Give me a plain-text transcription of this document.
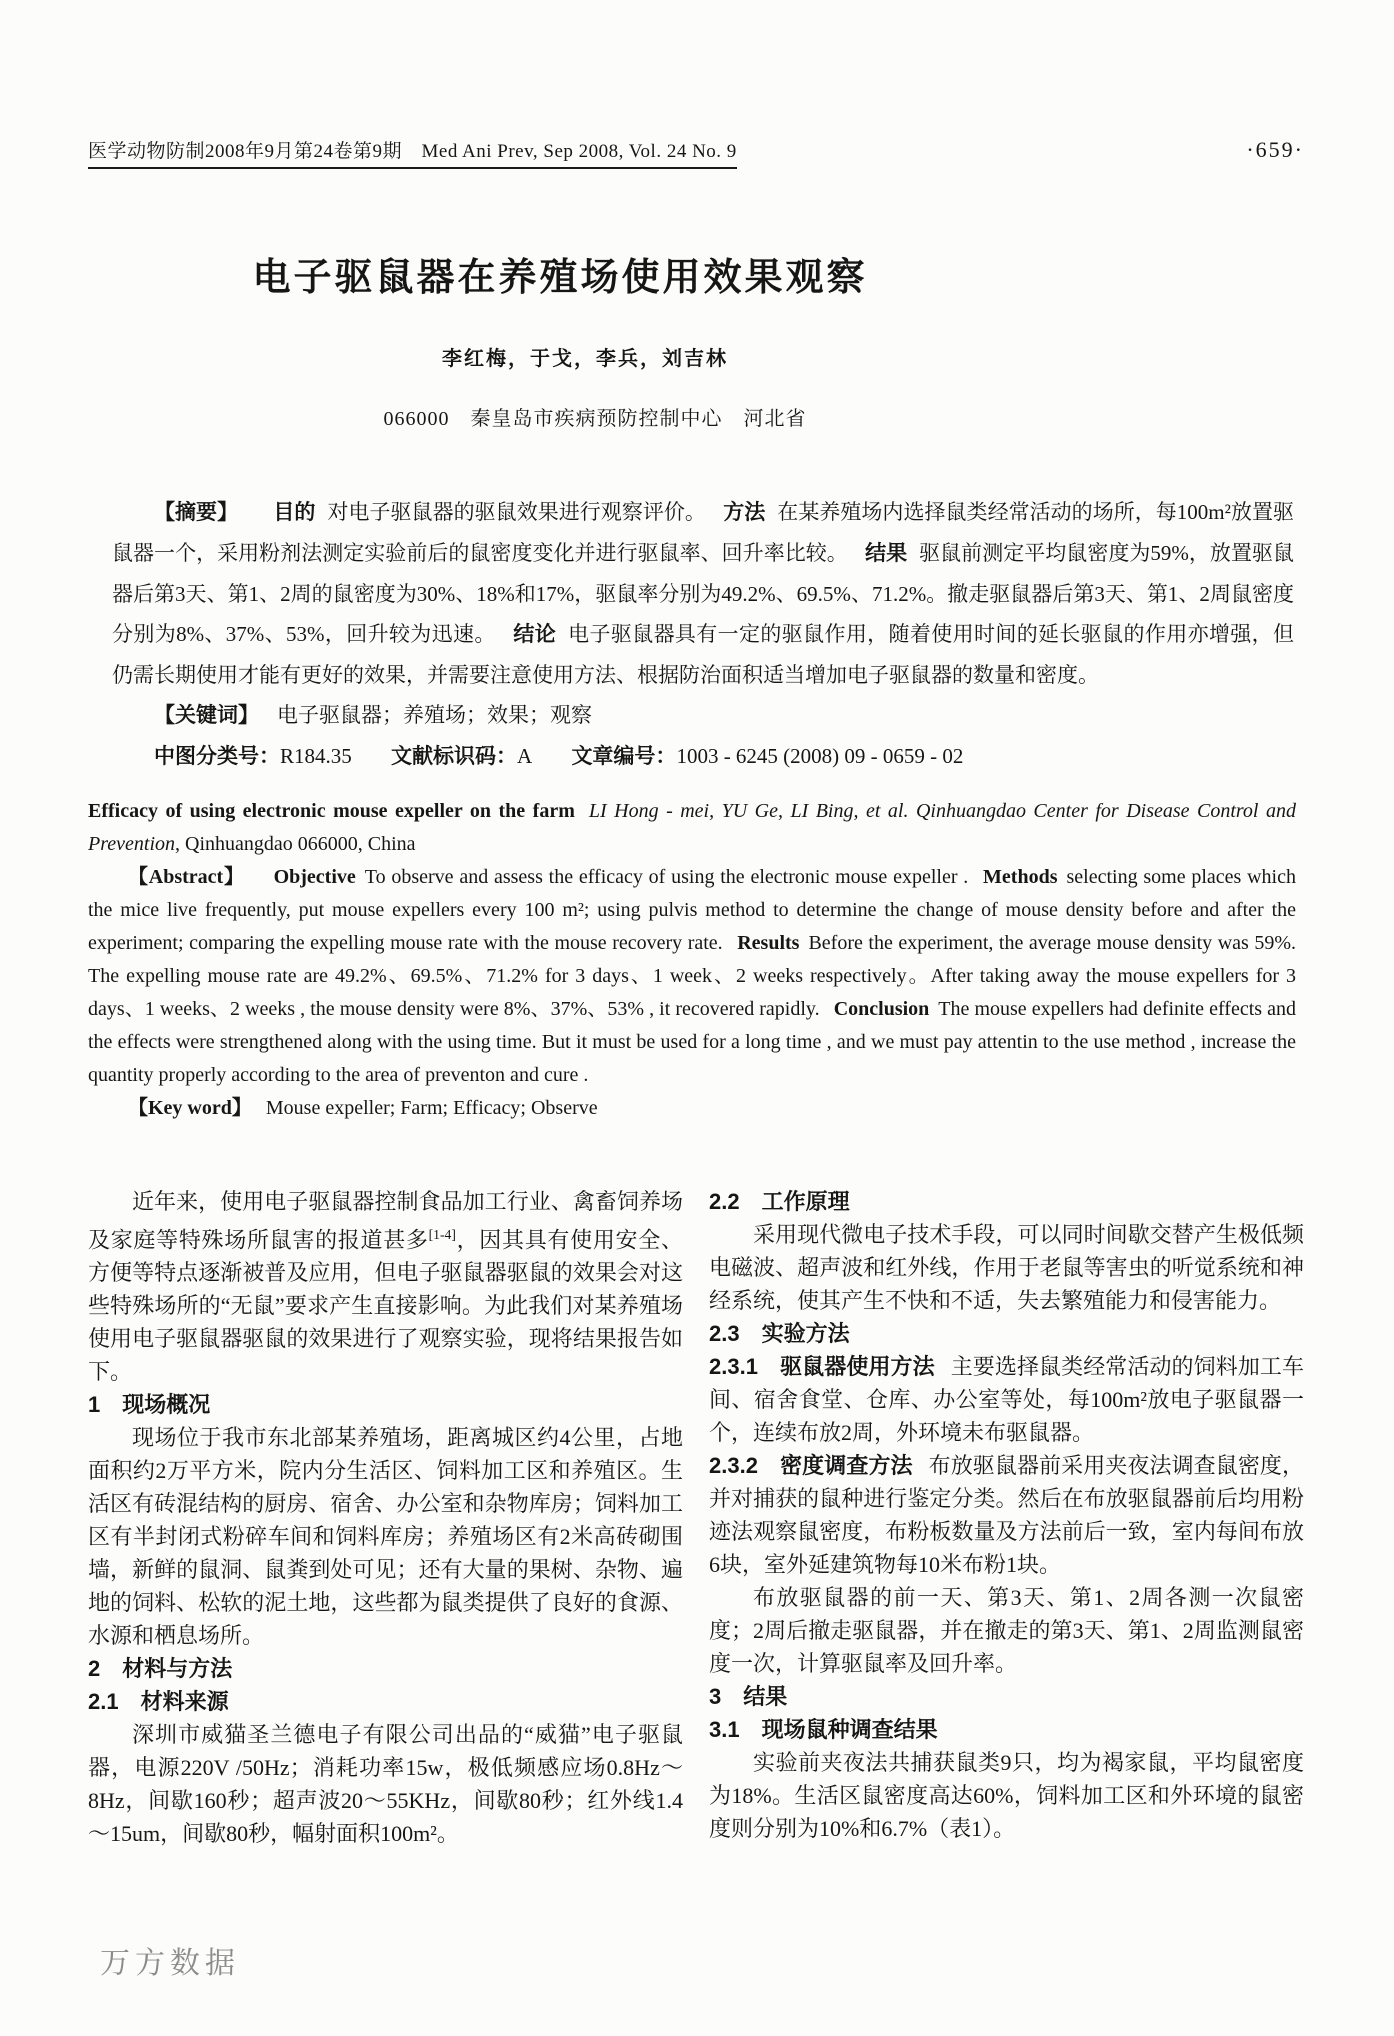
医学动物防制2008年9月第24卷第9期　Med Ani Prev, Sep 2008, Vol. 24 No. 9	·659·
电子驱鼠器在养殖场使用效果观察
李红梅，于戈，李兵，刘吉林
066000　秦皇岛市疾病预防控制中心　河北省

【摘要】 目的 对电子驱鼠器的驱鼠效果进行观察评价。 方法 在某养殖场内选择鼠类经常活动的场所，每100m²放置驱鼠器一个，采用粉剂法测定实验前后的鼠密度变化并进行驱鼠率、回升率比较。 结果 驱鼠前测定平均鼠密度为59%，放置驱鼠器后第3天、第1、2周的鼠密度为30%、18%和17%，驱鼠率分别为49.2%、69.5%、71.2%。撤走驱鼠器后第3天、第1、2周鼠密度分别为8%、37%、53%，回升较为迅速。 结论 电子驱鼠器具有一定的驱鼠作用，随着使用时间的延长驱鼠的作用亦增强，但仍需长期使用才能有更好的效果，并需要注意使用方法、根据防治面积适当增加电子驱鼠器的数量和密度。

【关键词】 电子驱鼠器；养殖场；效果；观察

中图分类号：R184.35 文献标识码：A 文章编号：1003 - 6245 (2008) 09 - 0659 - 02

Efficacy of using electronic mouse expeller on the farm LI Hong - mei, YU Ge, LI Bing, et al. Qinhuangdao Center for Disease Control and Prevention, Qinhuangdao 066000, China

【Abstract】 Objective To observe and assess the efficacy of using the electronic mouse expeller . Methods selecting some places which the mice live frequently, put mouse expellers every 100 m²; using pulvis method to determine the change of mouse density before and after the experiment; comparing the expelling mouse rate with the mouse recovery rate. Results Before the experiment, the average mouse density was 59%. The expelling mouse rate are 49.2%、69.5%、71.2% for 3 days、1 week、2 weeks respectively。After taking away the mouse expellers for 3 days、1 weeks、2 weeks , the mouse density were 8%、37%、53% , it recovered rapidly. Conclusion The mouse expellers had definite effects and the effects were strengthened along with the using time. But it must be used for a long time , and we must pay attentin to the use method , increase the quantity properly according to the area of preventon and cure .

【Key word】 Mouse expeller; Farm; Efficacy; Observe

近年来，使用电子驱鼠器控制食品加工行业、禽畜饲养场及家庭等特殊场所鼠害的报道甚多[1-4]，因其具有使用安全、方便等特点逐渐被普及应用，但电子驱鼠器驱鼠的效果会对这些特殊场所的“无鼠”要求产生直接影响。为此我们对某养殖场使用电子驱鼠器驱鼠的效果进行了观察实验，现将结果报告如下。

1　现场概况

现场位于我市东北部某养殖场，距离城区约4公里，占地面积约2万平方米，院内分生活区、饲料加工区和养殖区。生活区有砖混结构的厨房、宿舍、办公室和杂物库房；饲料加工区有半封闭式粉碎车间和饲料库房；养殖场区有2米高砖砌围墙，新鲜的鼠洞、鼠粪到处可见；还有大量的果树、杂物、遍地的饲料、松软的泥土地，这些都为鼠类提供了良好的食源、水源和栖息场所。

2　材料与方法

2.1　材料来源

深圳市威猫圣兰德电子有限公司出品的“威猫”电子驱鼠器，电源220V /50Hz；消耗功率15w，极低频感应场0.8Hz～8Hz，间歇160秒；超声波20～55KHz，间歇80秒；红外线1.4～15um，间歇80秒，幅射面积100m²。

2.2　工作原理

采用现代微电子技术手段，可以同时间歇交替产生极低频电磁波、超声波和红外线，作用于老鼠等害虫的听觉系统和神经系统，使其产生不快和不适，失去繁殖能力和侵害能力。

2.3　实验方法

2.3.1　驱鼠器使用方法 主要选择鼠类经常活动的饲料加工车间、宿舍食堂、仓库、办公室等处，每100m²放电子驱鼠器一个，连续布放2周，外环境未布驱鼠器。

2.3.2　密度调查方法 布放驱鼠器前采用夹夜法调查鼠密度，并对捕获的鼠种进行鉴定分类。然后在布放驱鼠器前后均用粉迹法观察鼠密度，布粉板数量及方法前后一致，室内每间布放6块，室外延建筑物每10米布粉1块。

布放驱鼠器的前一天、第3天、第1、2周各测一次鼠密度；2周后撤走驱鼠器，并在撤走的第3天、第1、2周监测鼠密度一次，计算驱鼠率及回升率。

3　结果

3.1　现场鼠种调查结果

实验前夹夜法共捕获鼠类9只，均为褐家鼠，平均鼠密度为18%。生活区鼠密度高达60%，饲料加工区和外环境的鼠密度则分别为10%和6.7%（表1）。

万方数据
